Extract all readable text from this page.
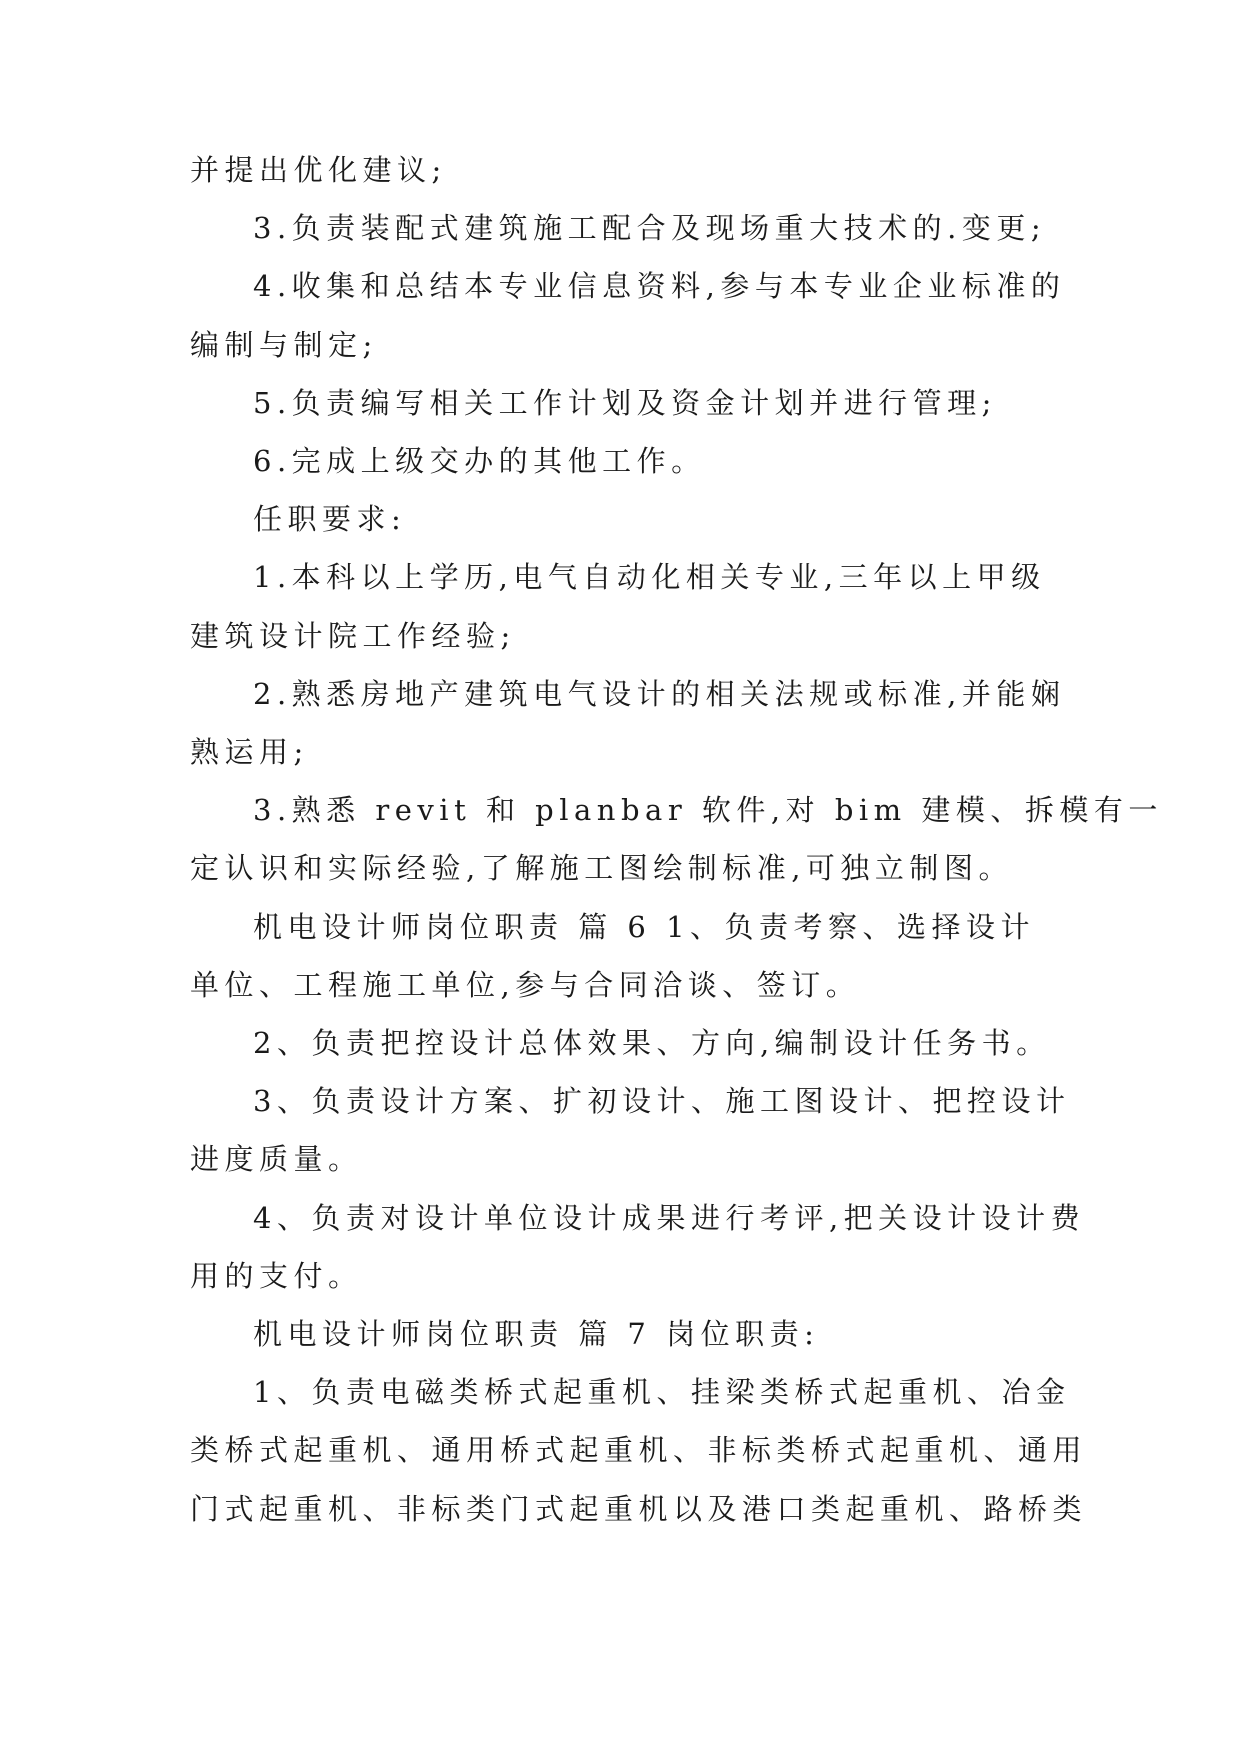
并提出优化建议;
3.负责装配式建筑施工配合及现场重大技术的.变更;
4.收集和总结本专业信息资料,参与本专业企业标准的
编制与制定;
5.负责编写相关工作计划及资金计划并进行管理;
6.完成上级交办的其他工作。
任职要求:
1.本科以上学历,电气自动化相关专业,三年以上甲级
建筑设计院工作经验;
2.熟悉房地产建筑电气设计的相关法规或标准,并能娴
熟运用;
3.熟悉 revit 和 planbar 软件,对 bim 建模、拆模有一
定认识和实际经验,了解施工图绘制标准,可独立制图。
机电设计师岗位职责 篇 6 1、负责考察、选择设计
单位、工程施工单位,参与合同洽谈、签订。
2、负责把控设计总体效果、方向,编制设计任务书。
3、负责设计方案、扩初设计、施工图设计、把控设计
进度质量。
4、负责对设计单位设计成果进行考评,把关设计设计费
用的支付。
机电设计师岗位职责 篇 7 岗位职责:
1、负责电磁类桥式起重机、挂梁类桥式起重机、冶金
类桥式起重机、通用桥式起重机、非标类桥式起重机、通用
门式起重机、非标类门式起重机以及港口类起重机、路桥类
